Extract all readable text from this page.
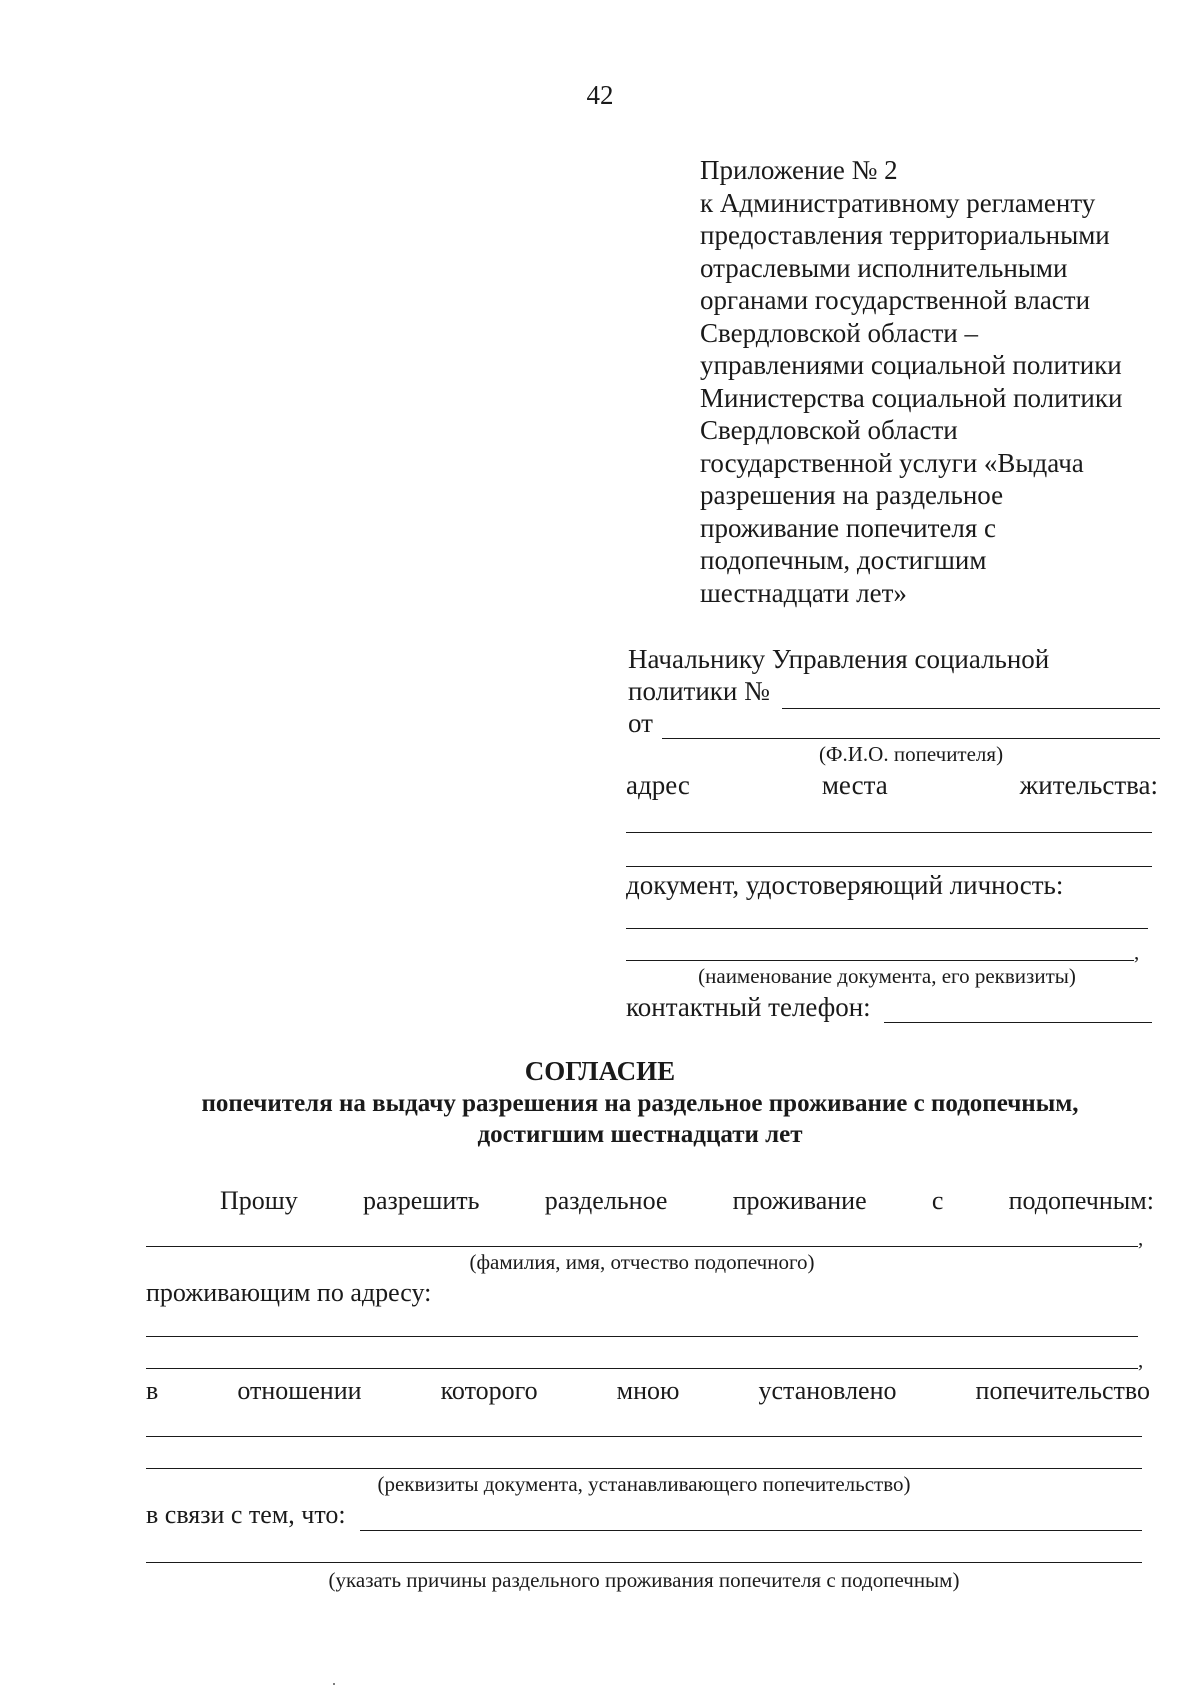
42
Приложение № 2
к Административному регламенту
предоставления территориальными
отраслевыми исполнительными
органами государственной власти
Свердловской области –
управлениями социальной политики
Министерства социальной политики
Свердловской области
государственной услуги «Выдача
разрешения на раздельное
проживание попечителя с
подопечным, достигшим
шестнадцати лет»
Начальнику Управления социальной
политики №
от
(Ф.И.О. попечителя)
адрес	места	жительства:
документ, удостоверяющий личность:
,
(наименование документа, его реквизиты)
контактный телефон:
СОГЛАСИЕ
попечителя на выдачу разрешения на раздельное проживание с подопечным,
достигшим шестнадцати лет
Прошу	разрешить	раздельное	проживание	с	подопечным:
,
(фамилия, имя, отчество подопечного)
проживающим по адресу:
,
в	отношении	которого	мною	установлено	попечительство
(реквизиты документа, устанавливающего попечительство)
в связи с тем, что:
(указать причины раздельного проживания попечителя с подопечным)
